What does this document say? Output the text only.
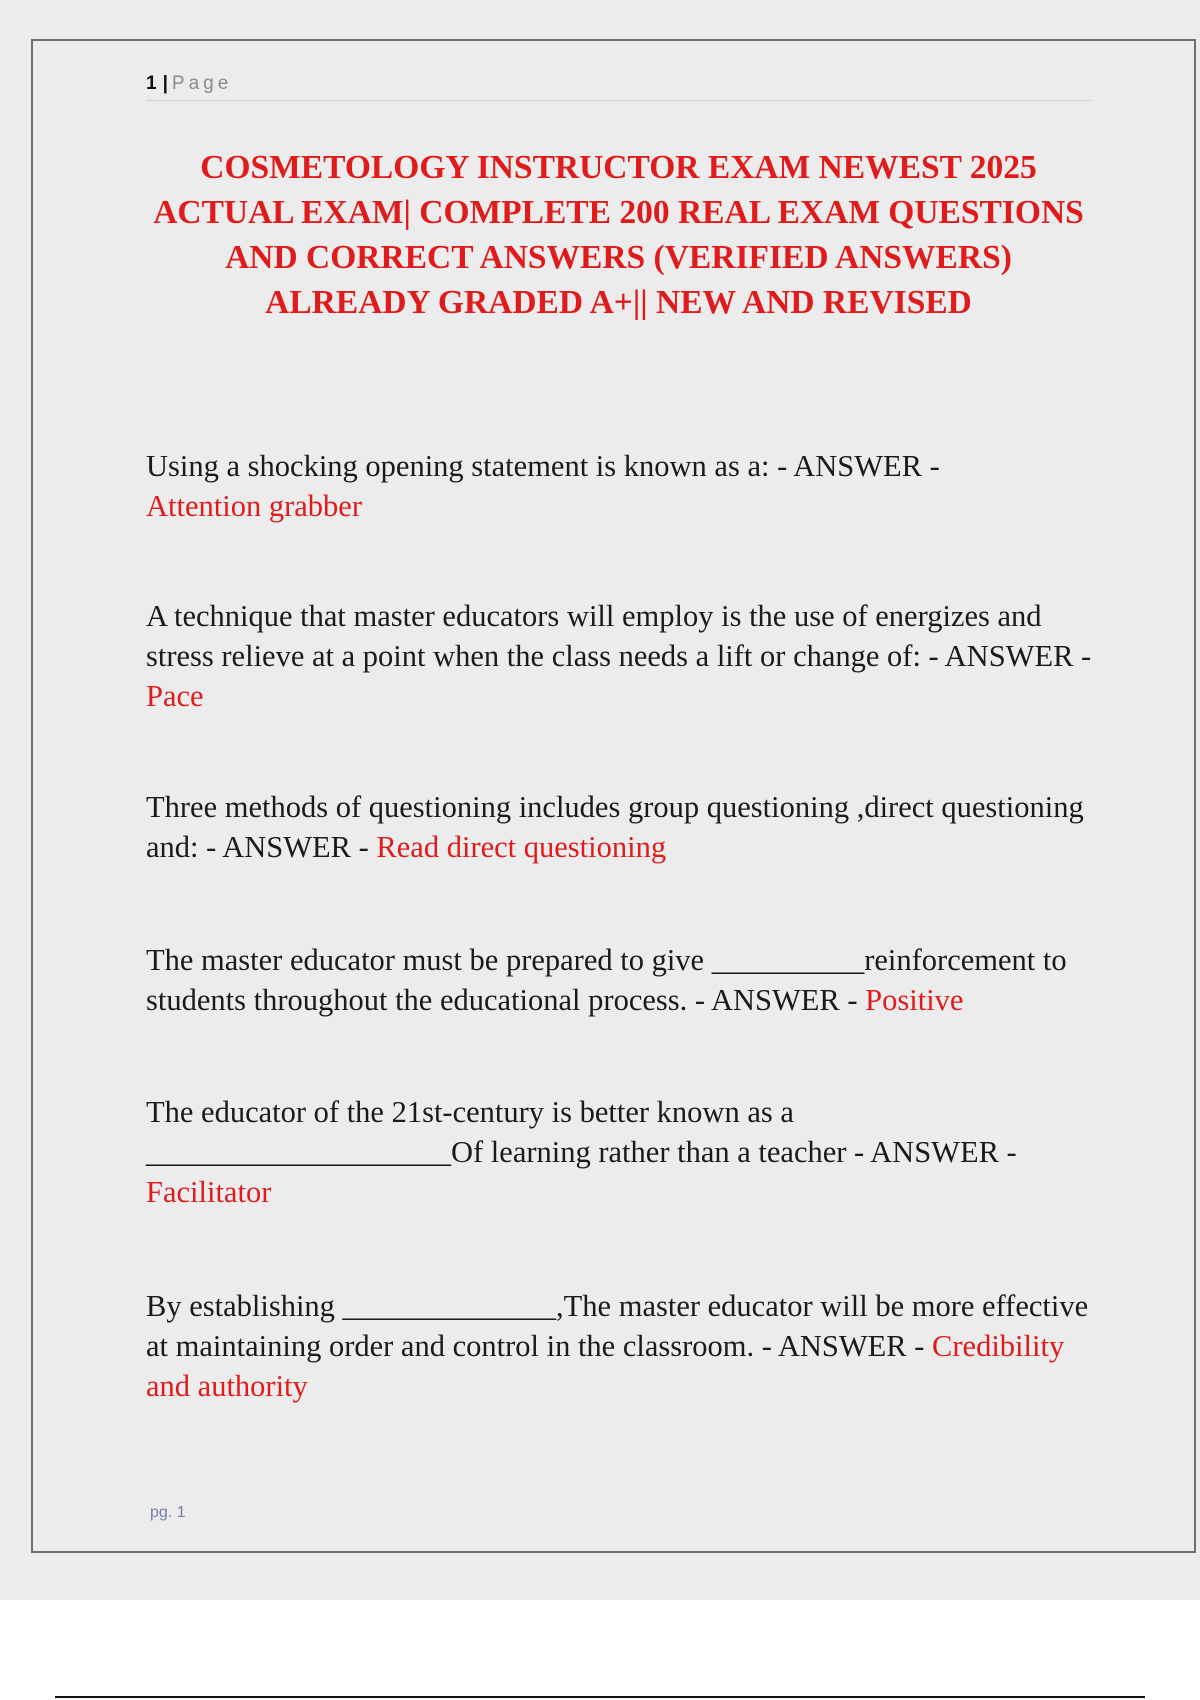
1 | Page
COSMETOLOGY INSTRUCTOR EXAM NEWEST 2025 ACTUAL EXAM| COMPLETE 200 REAL EXAM QUESTIONS AND CORRECT ANSWERS (VERIFIED ANSWERS) ALREADY GRADED A+|| NEW AND REVISED
Using a shocking opening statement is known as a: - ANSWER -
Attention grabber
A technique that master educators will employ is the use of energizes and stress relieve at a point when the class needs a lift or change of: - ANSWER - Pace
Three methods of questioning includes group questioning ,direct questioning and: - ANSWER - Read direct questioning
The master educator must be prepared to give __________reinforcement to students throughout the educational process. - ANSWER - Positive
The educator of the 21st-century is better known as a ____________________Of learning rather than a teacher - ANSWER - Facilitator
By establishing ______________,The master educator will be more effective at maintaining order and control in the classroom. - ANSWER - Credibility and authority
pg. 1
